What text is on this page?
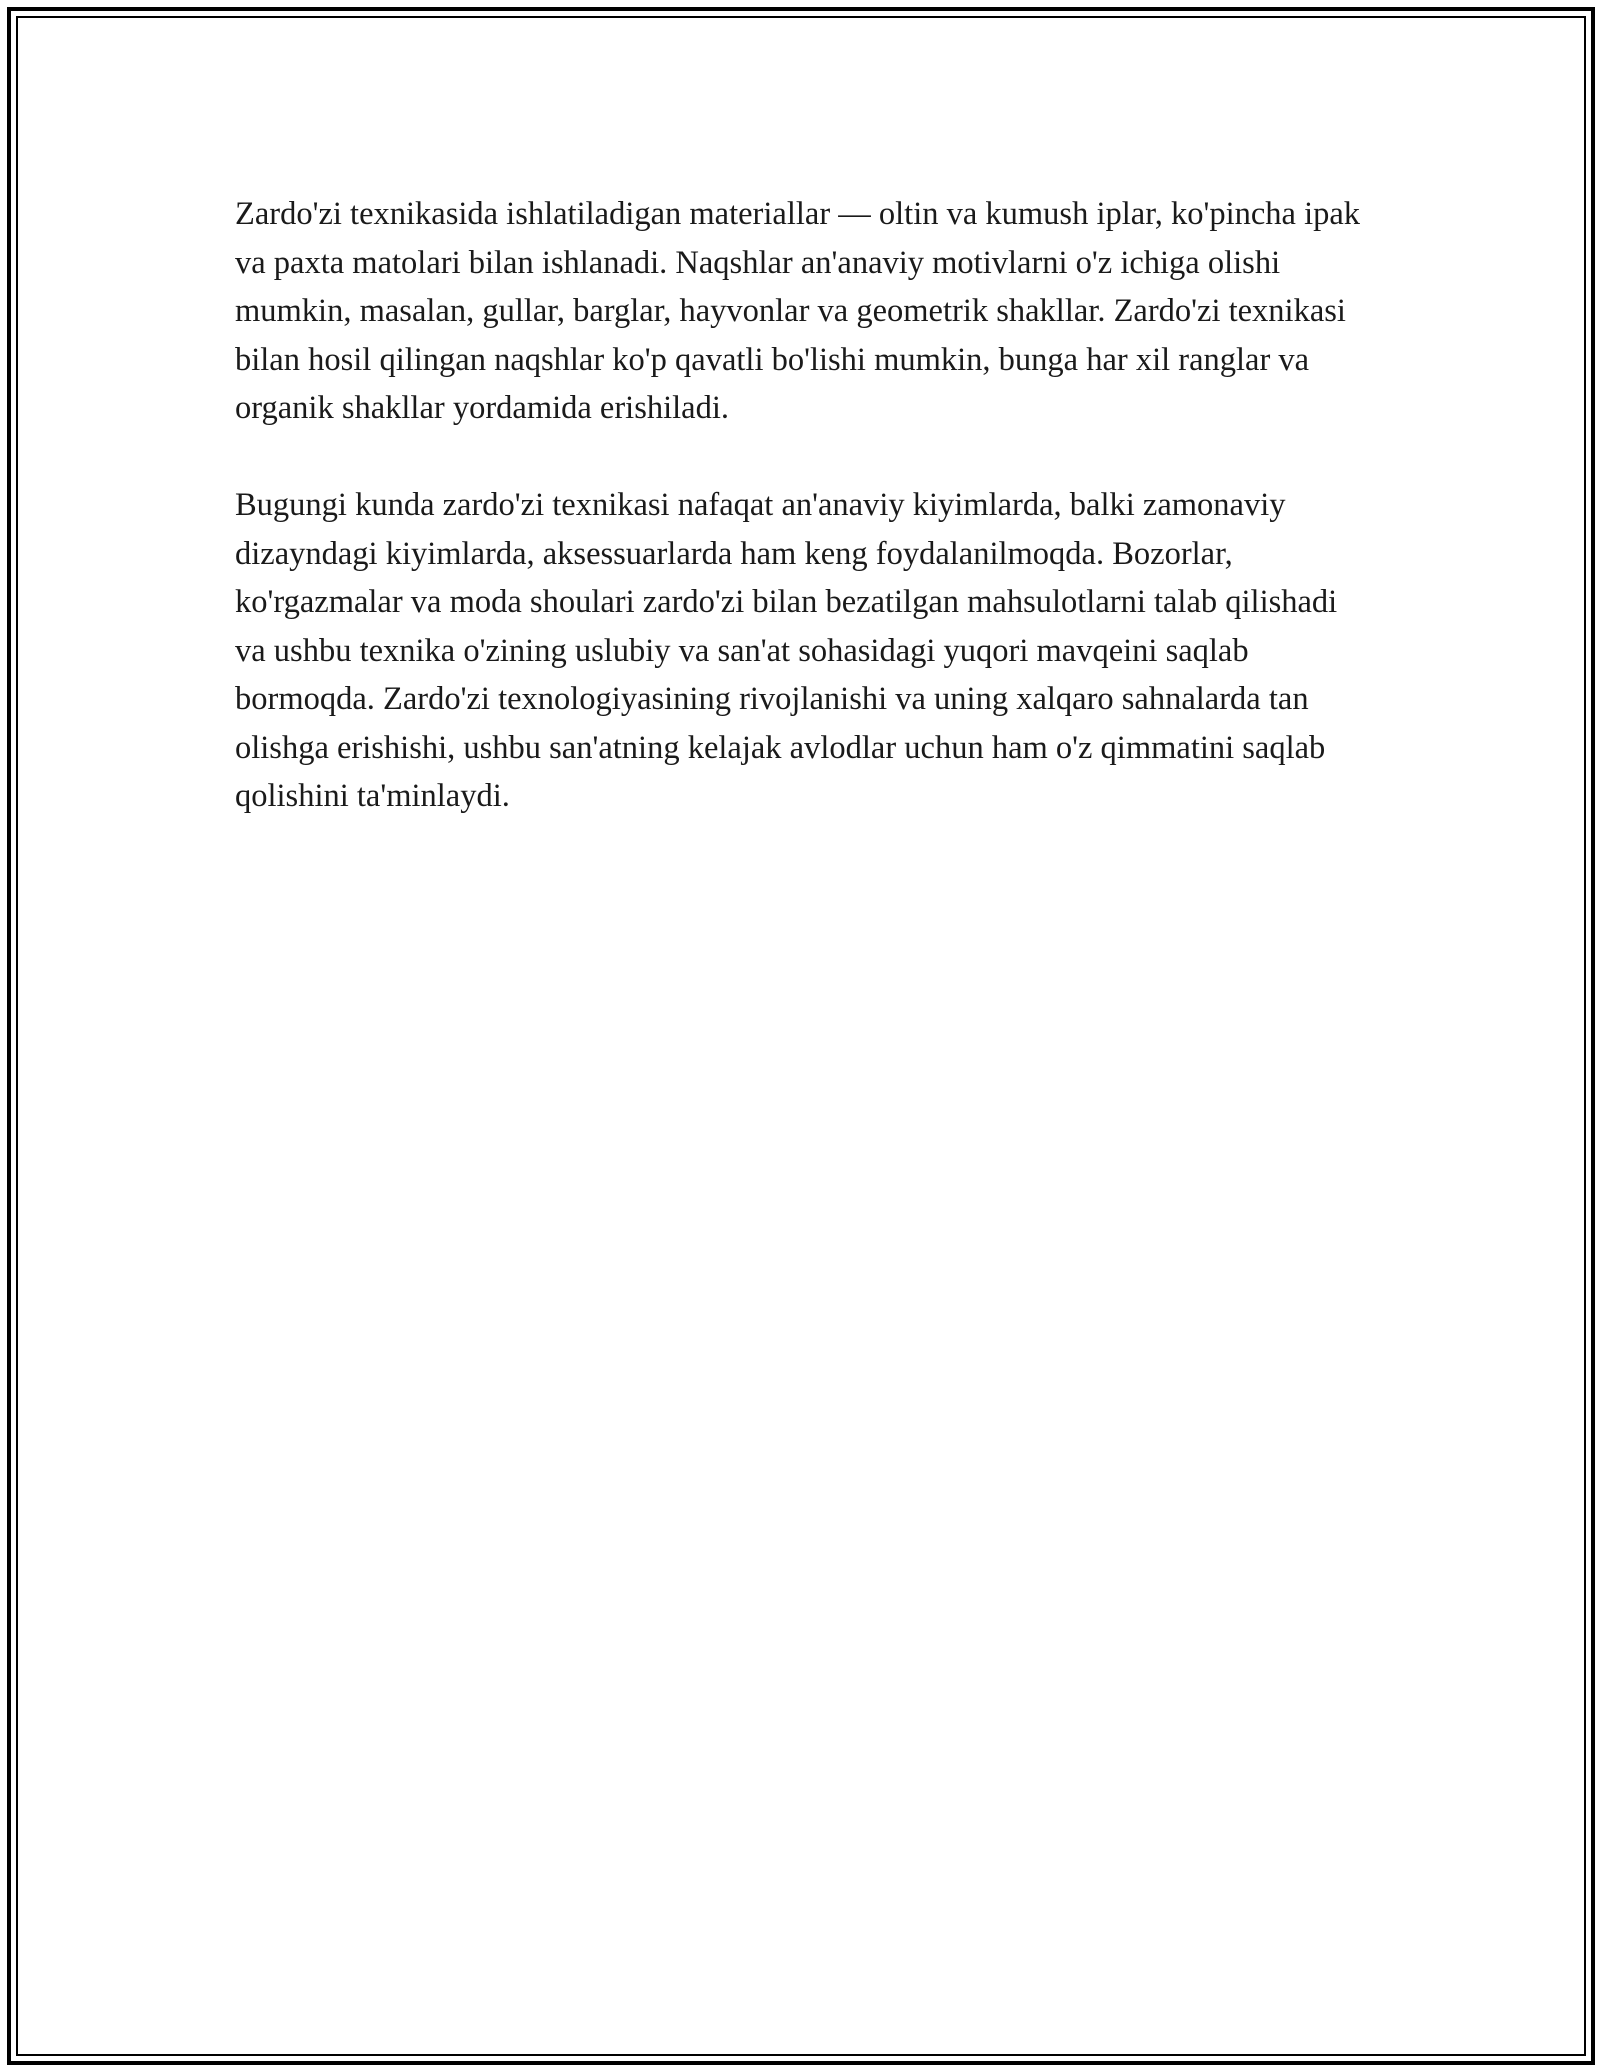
Zardo'zi texnikasida ishlatiladigan materiallar — oltin va kumush iplar, ko'pincha ipak va paxta matolari bilan ishlanadi. Naqshlar an'anaviy motivlarni o'z ichiga olishi mumkin, masalan, gullar, barglar, hayvonlar va geometrik shakllar. Zardo'zi texnikasi bilan hosil qilingan naqshlar ko'p qavatli bo'lishi mumkin, bunga har xil ranglar va organik shakllar yordamida erishiladi.

Bugungi kunda zardo'zi texnikasi nafaqat an'anaviy kiyimlarda, balki zamonaviy dizayndagi kiyimlarda, aksessuarlarda ham keng foydalanilmoqda. Bozorlar, ko'rgazmalar va moda shoulari zardo'zi bilan bezatilgan mahsulotlarni talab qilishadi va ushbu texnika o'zining uslubiy va san'at sohasidagi yuqori mavqeini saqlab bormoqda. Zardo'zi texnologiyasining rivojlanishi va uning xalqaro sahnalarda tan olishga erishishi, ushbu san'atning kelajak avlodlar uchun ham o'z qimmatini saqlab qolishini ta'minlaydi.
